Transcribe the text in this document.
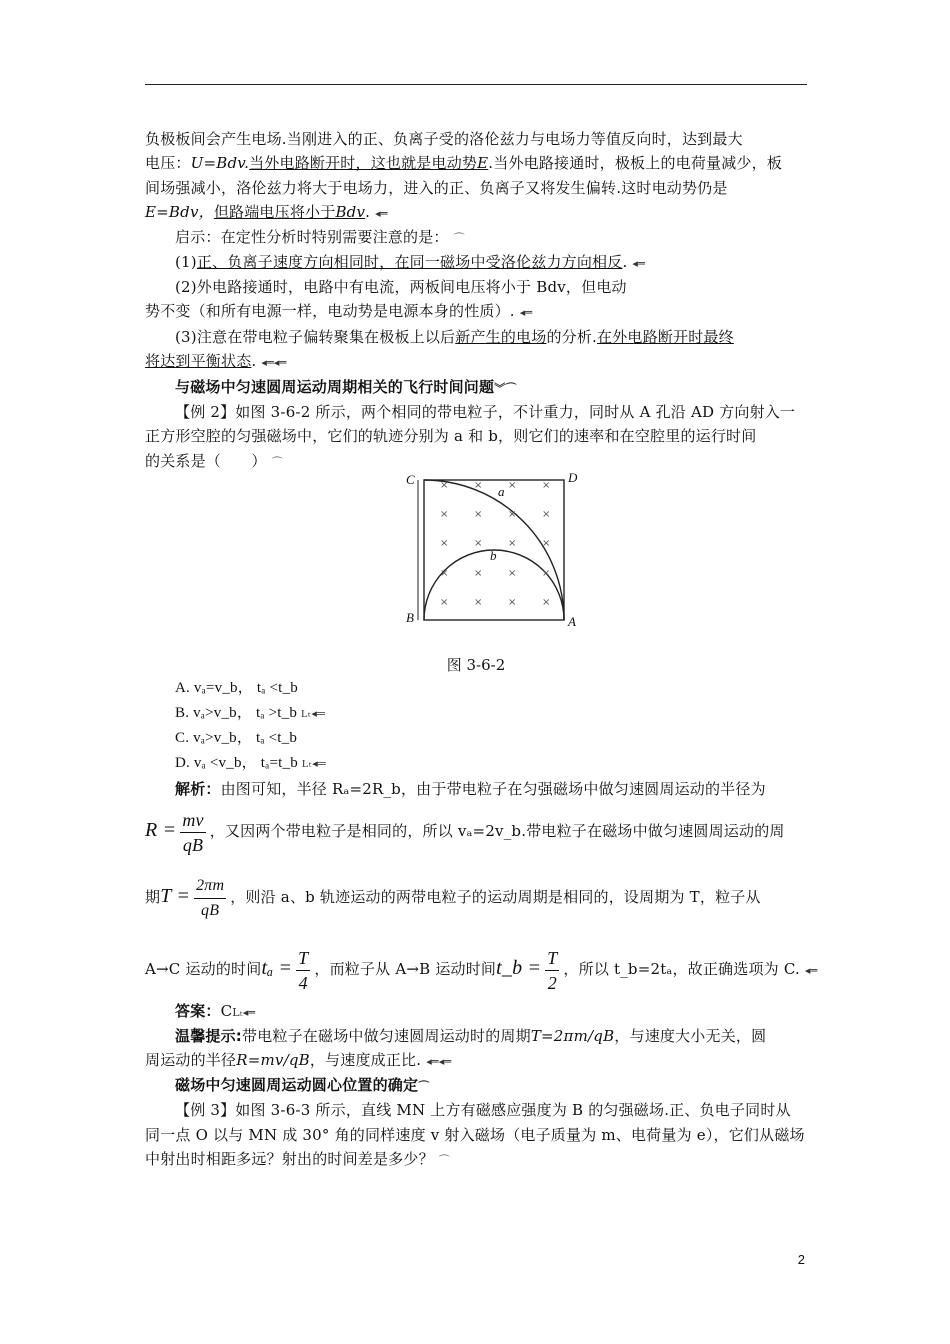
负极板间会产生电场.当刚进入的正、负离子受的洛伦兹力与电场力等值反向时，达到最大
电压：U=Bdv.当外电路断开时，这也就是电动势E.当外电路接通时，极板上的电荷量减少，板
间场强减小，洛伦兹力将大于电场力，进入的正、负离子又将发生偏转.这时电动势仍是
E=Bdv，但路端电压将小于Bdv. ◂═
启示：在定性分析时特别需要注意的是： ⌒
(1)正、负离子速度方向相同时，在同一磁场中受洛伦兹力方向相反. ◂═
(2)外电路接通时，电路中有电流，两板间电压将小于 Bdv，但电动
势不变（和所有电源一样，电动势是电源本身的性质）. ◂═
(3)注意在带电粒子偏转聚集在极板上以后新产生的电场的分析.在外电路断开时最终
将达到平衡状态. ◂═◂═
与磁场中匀速圆周运动周期相关的飞行时间问题︾⌒
【例 2】如图 3-6-2 所示，两个相同的带电粒子，不计重力，同时从 A 孔沿 AD 方向射入一
正方形空腔的匀强磁场中，它们的轨迹分别为 a 和 b，则它们的速率和在空腔里的运行时间
的关系是（　　） ⌒
×	×	×	×
×	×	×	×
×	×	×	×
×	×	×	×
×	×	×	×
C	D
B	A
a
b
图 3-6-2
A. vₐ=v_b， tₐ <t_b
B. vₐ>v_b， tₐ >t_b Lₜ◂═
C. vₐ>v_b， tₐ <t_b
D. vₐ <v_b， tₐ=t_b Lₜ◂═
解析：由图可知，半径 Rₐ=2R_b，由于带电粒子在匀强磁场中做匀速圆周运动的半径为
$R = \frac{mv}{qB}$ ，又因两个带电粒子是相同的，所以 vₐ=2v_b.带电粒子在磁场中做匀速圆周运动的周
期$T = \frac{2\pi m}{qB}$ ，则沿 a、b 轨迹运动的两带电粒子的运动周期是相同的，设周期为 T，粒子从
A→C 运动的时间$t_a = \frac{T}{4}$ ，而粒子从 A→B 运动时间t_b = $\frac{T}{2}$ ，所以 t_b=2tₐ，故正确选项为 C. ◂═
答案：CLₜ◂═
温馨提示:带电粒子在磁场中做匀速圆周运动时的周期T=2πm/qB，与速度大小无关，圆
周运动的半径R=mv/qB，与速度成正比. ◂═◂═
磁场中匀速圆周运动圆心位置的确定⌒
【例 3】如图 3-6-3 所示，直线 MN 上方有磁感应强度为 B 的匀强磁场.正、负电子同时从
同一点 O 以与 MN 成 30° 角的同样速度 v 射入磁场（电子质量为 m、电荷量为 e），它们从磁场
中射出时相距多远？射出的时间差是多少？ ⌒
2
